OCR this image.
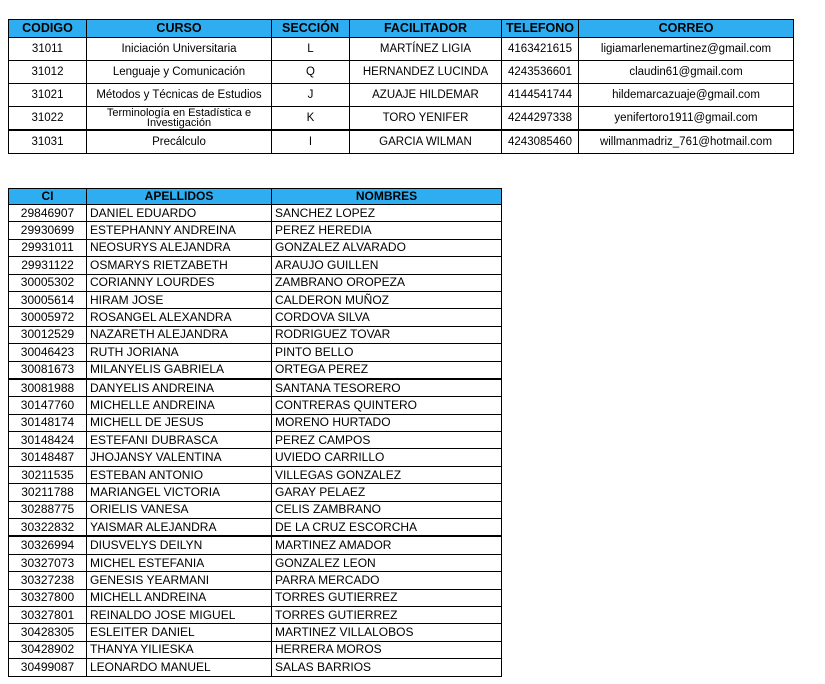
CODIGO	CURSO	SECCIÓN	FACILITADOR	TELEFONO	CORREO
31011	Iniciación Universitaria	L	MARTÍNEZ LIGIA	4163421615	ligiamarlenemartinez@gmail.com
31012	Lenguaje y Comunicación	Q	HERNANDEZ LUCINDA	4243536601	claudin61@gmail.com
31021	Métodos y Técnicas de Estudios	J	AZUAJE HILDEMAR	4144541744	hildemarcazuaje@gmail.com
31022	Terminología en Estadística e Investigación	K	TORO YENIFER	4244297338	yenifertoro1911@gmail.com
31031	Precálculo	I	GARCIA WILMAN	4243085460	willmanmadriz_761@hotmail.com
CI	APELLIDOS	NOMBRES
29846907	DANIEL EDUARDO	SANCHEZ LOPEZ
29930699	ESTEPHANNY ANDREINA	PEREZ HEREDIA
29931011	NEOSURYS ALEJANDRA	GONZALEZ ALVARADO
29931122	OSMARYS RIETZABETH	ARAUJO GUILLEN
30005302	CORIANNY LOURDES	ZAMBRANO OROPEZA
30005614	HIRAM JOSE	CALDERON MUÑOZ
30005972	ROSANGEL ALEXANDRA	CORDOVA SILVA
30012529	NAZARETH ALEJANDRA	RODRIGUEZ TOVAR
30046423	RUTH JORIANA	PINTO BELLO
30081673	MILANYELIS GABRIELA	ORTEGA PEREZ
30081988	DANYELIS ANDREINA	SANTANA TESORERO
30147760	MICHELLE ANDREINA	CONTRERAS QUINTERO
30148174	MICHELL DE JESUS	MORENO HURTADO
30148424	ESTEFANI DUBRASCA	PEREZ CAMPOS
30148487	JHOJANSY VALENTINA	UVIEDO CARRILLO
30211535	ESTEBAN ANTONIO	VILLEGAS GONZALEZ
30211788	MARIANGEL VICTORIA	GARAY PELAEZ
30288775	ORIELIS VANESA	CELIS ZAMBRANO
30322832	YAISMAR ALEJANDRA	DE LA CRUZ ESCORCHA
30326994	DIUSVELYS DEILYN	MARTINEZ AMADOR
30327073	MICHEL ESTEFANIA	GONZALEZ LEON
30327238	GENESIS YEARMANI	PARRA MERCADO
30327800	MICHELL ANDREINA	TORRES GUTIERREZ
30327801	REINALDO JOSE MIGUEL	TORRES GUTIERREZ
30428305	ESLEITER DANIEL	MARTINEZ VILLALOBOS
30428902	THANYA YILIESKA	HERRERA MOROS
30499087	LEONARDO MANUEL	SALAS BARRIOS
